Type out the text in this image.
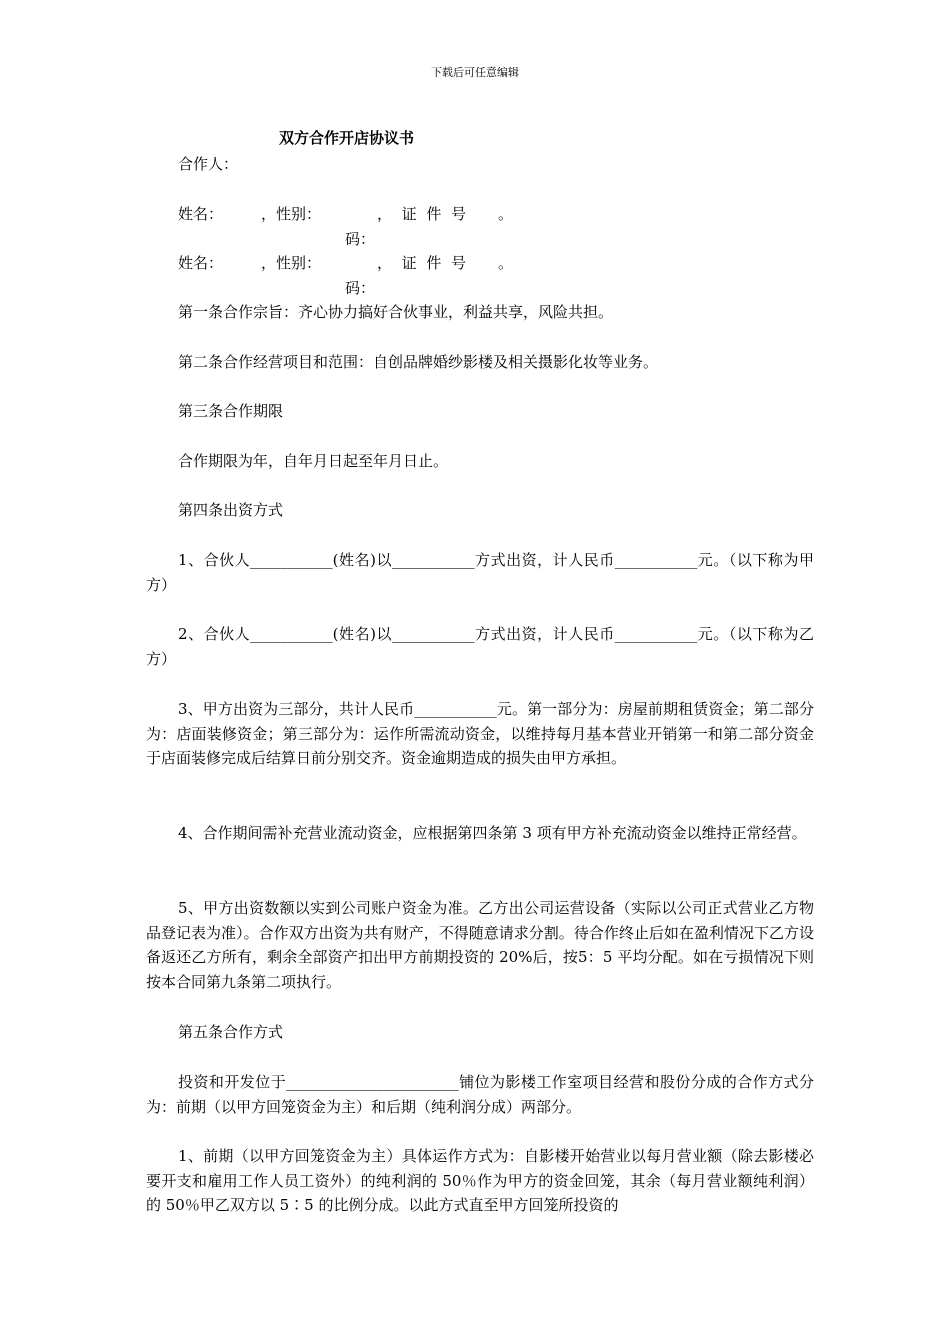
下载后可任意编辑
双方合作开店协议书
合作人：
姓名：	，性别：	，证件号码：
。
姓名：	，性别：	，证件号码：
。
第一条合作宗旨：齐心协力搞好合伙事业，利益共享，风险共担。
第二条合作经营项目和范围：自创品牌婚纱影楼及相关摄影化妆等业务。
第三条合作期限
合作期限为年，自年月日起至年月日止。
第四条出资方式
1、合伙人___________(姓名)以___________方式出资，计人民币___________元。（以下称为甲方）
2、合伙人___________(姓名)以___________方式出资，计人民币___________元。（以下称为乙方）
3、甲方出资为三部分，共计人民币___________元。第一部分为：房屋前期租赁资金；第二部分为：店面装修资金；第三部分为：运作所需流动资金，以维持每月基本营业开销第一和第二部分资金于店面装修完成后结算日前分别交齐。资金逾期造成的损失由甲方承担。
4、合作期间需补充营业流动资金，应根据第四条第 3 项有甲方补充流动资金以维持正常经营。
5、甲方出资数额以实到公司账户资金为准。乙方出公司运营设备（实际以公司正式营业乙方物品登记表为准）。合作双方出资为共有财产，不得随意请求分割。待合作终止后如在盈利情况下乙方设备返还乙方所有，剩余全部资产扣出甲方前期投资的 20%后，按5：5 平均分配。如在亏损情况下则按本合同第九条第二项执行。
第五条合作方式
投资和开发位于_______________________铺位为影楼工作室项目经营和股份分成的合作方式分为：前期（以甲方回笼资金为主）和后期（纯利润分成）两部分。
1、前期（以甲方回笼资金为主）具体运作方式为：自影楼开始营业以每月营业额（除去影楼必要开支和雇用工作人员工资外）的纯利润的 50％作为甲方的资金回笼，其余（每月营业额纯利润）的 50％甲乙双方以 5∶5 的比例分成。以此方式直至甲方回笼所投资的
